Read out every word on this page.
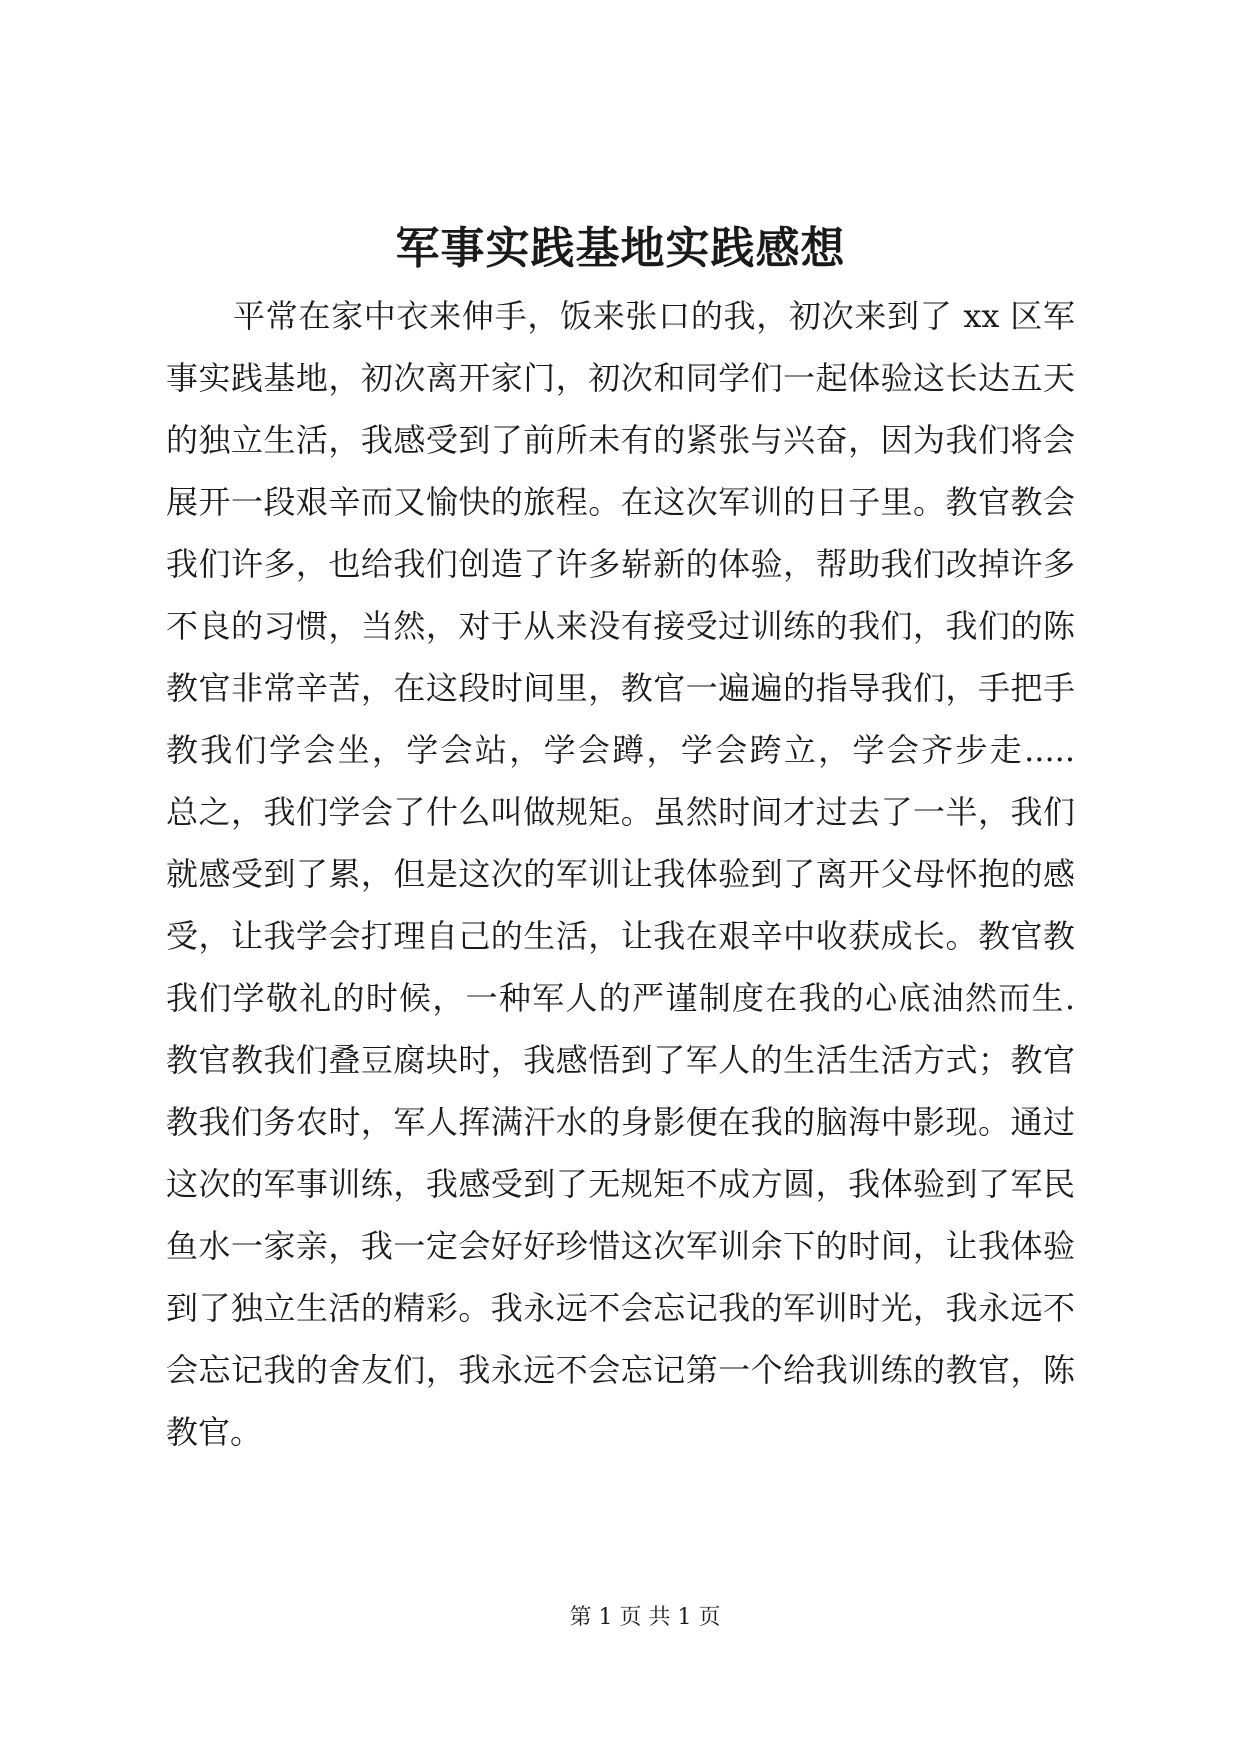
军事实践基地实践感想
平常在家中衣来伸手，饭来张口的我，初次来到了 xx 区军
事实践基地，初次离开家门，初次和同学们一起体验这长达五天
的独立生活，我感受到了前所未有的紧张与兴奋，因为我们将会
展开一段艰辛而又愉快的旅程。在这次军训的日子里。教官教会
我们许多，也给我们创造了许多崭新的体验，帮助我们改掉许多
不良的习惯，当然，对于从来没有接受过训练的我们，我们的陈
教官非常辛苦，在这段时间里，教官一遍遍的指导我们，手把手
教我们学会坐，学会站，学会蹲，学会跨立，学会齐步走.....
总之，我们学会了什么叫做规矩。虽然时间才过去了一半，我们
就感受到了累，但是这次的军训让我体验到了离开父母怀抱的感
受，让我学会打理自己的生活，让我在艰辛中收获成长。教官教
我们学敬礼的时候，一种军人的严谨制度在我的心底油然而生.
教官教我们叠豆腐块时，我感悟到了军人的生活生活方式；教官
教我们务农时，军人挥满汗水的身影便在我的脑海中影现。通过
这次的军事训练，我感受到了无规矩不成方圆，我体验到了军民
鱼水一家亲，我一定会好好珍惜这次军训余下的时间，让我体验
到了独立生活的精彩。我永远不会忘记我的军训时光，我永远不
会忘记我的舍友们，我永远不会忘记第一个给我训练的教官，陈
教官。
第 1 页 共 1 页
